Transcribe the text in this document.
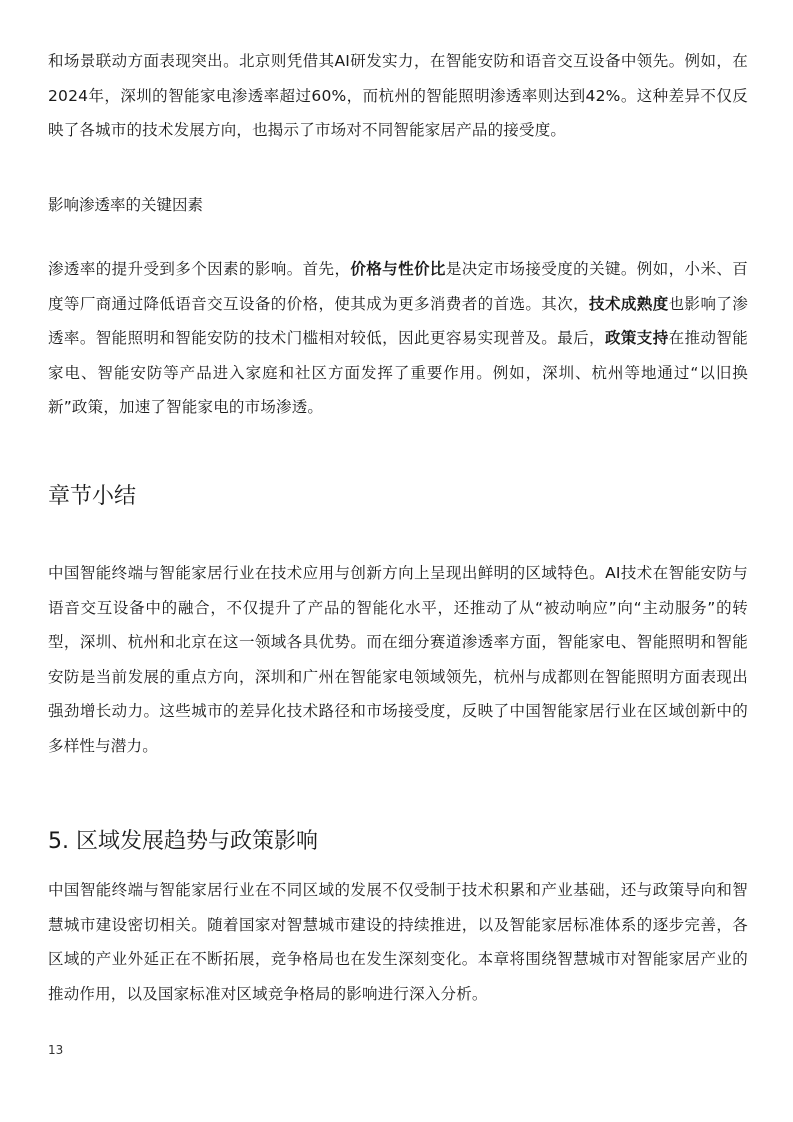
和场景联动方面表现突出。北京则凭借其AI研发实力，在智能安防和语音交互设备中领先。例如，在2024年，深圳的智能家电渗透率超过60%，而杭州的智能照明渗透率则达到42%。这种差异不仅反映了各城市的技术发展方向，也揭示了市场对不同智能家居产品的接受度。

影响渗透率的关键因素

渗透率的提升受到多个因素的影响。首先，价格与性价比是决定市场接受度的关键。例如，小米、百度等厂商通过降低语音交互设备的价格，使其成为更多消费者的首选。其次，技术成熟度也影响了渗透率。智能照明和智能安防的技术门槛相对较低，因此更容易实现普及。最后，政策支持在推动智能家电、智能安防等产品进入家庭和社区方面发挥了重要作用。例如，深圳、杭州等地通过“以旧换新”政策，加速了智能家电的市场渗透。

章节小结

中国智能终端与智能家居行业在技术应用与创新方向上呈现出鲜明的区域特色。AI技术在智能安防与语音交互设备中的融合，不仅提升了产品的智能化水平，还推动了从“被动响应”向“主动服务”的转型，深圳、杭州和北京在这一领域各具优势。而在细分赛道渗透率方面，智能家电、智能照明和智能安防是当前发展的重点方向，深圳和广州在智能家电领域领先，杭州与成都则在智能照明方面表现出强劲增长动力。这些城市的差异化技术路径和市场接受度，反映了中国智能家居行业在区域创新中的多样性与潜力。

5. 区域发展趋势与政策影响

中国智能终端与智能家居行业在不同区域的发展不仅受制于技术积累和产业基础，还与政策导向和智慧城市建设密切相关。随着国家对智慧城市建设的持续推进，以及智能家居标准体系的逐步完善，各区域的产业外延正在不断拓展，竞争格局也在发生深刻变化。本章将围绕智慧城市对智能家居产业的推动作用，以及国家标准对区域竞争格局的影响进行深入分析。

13
